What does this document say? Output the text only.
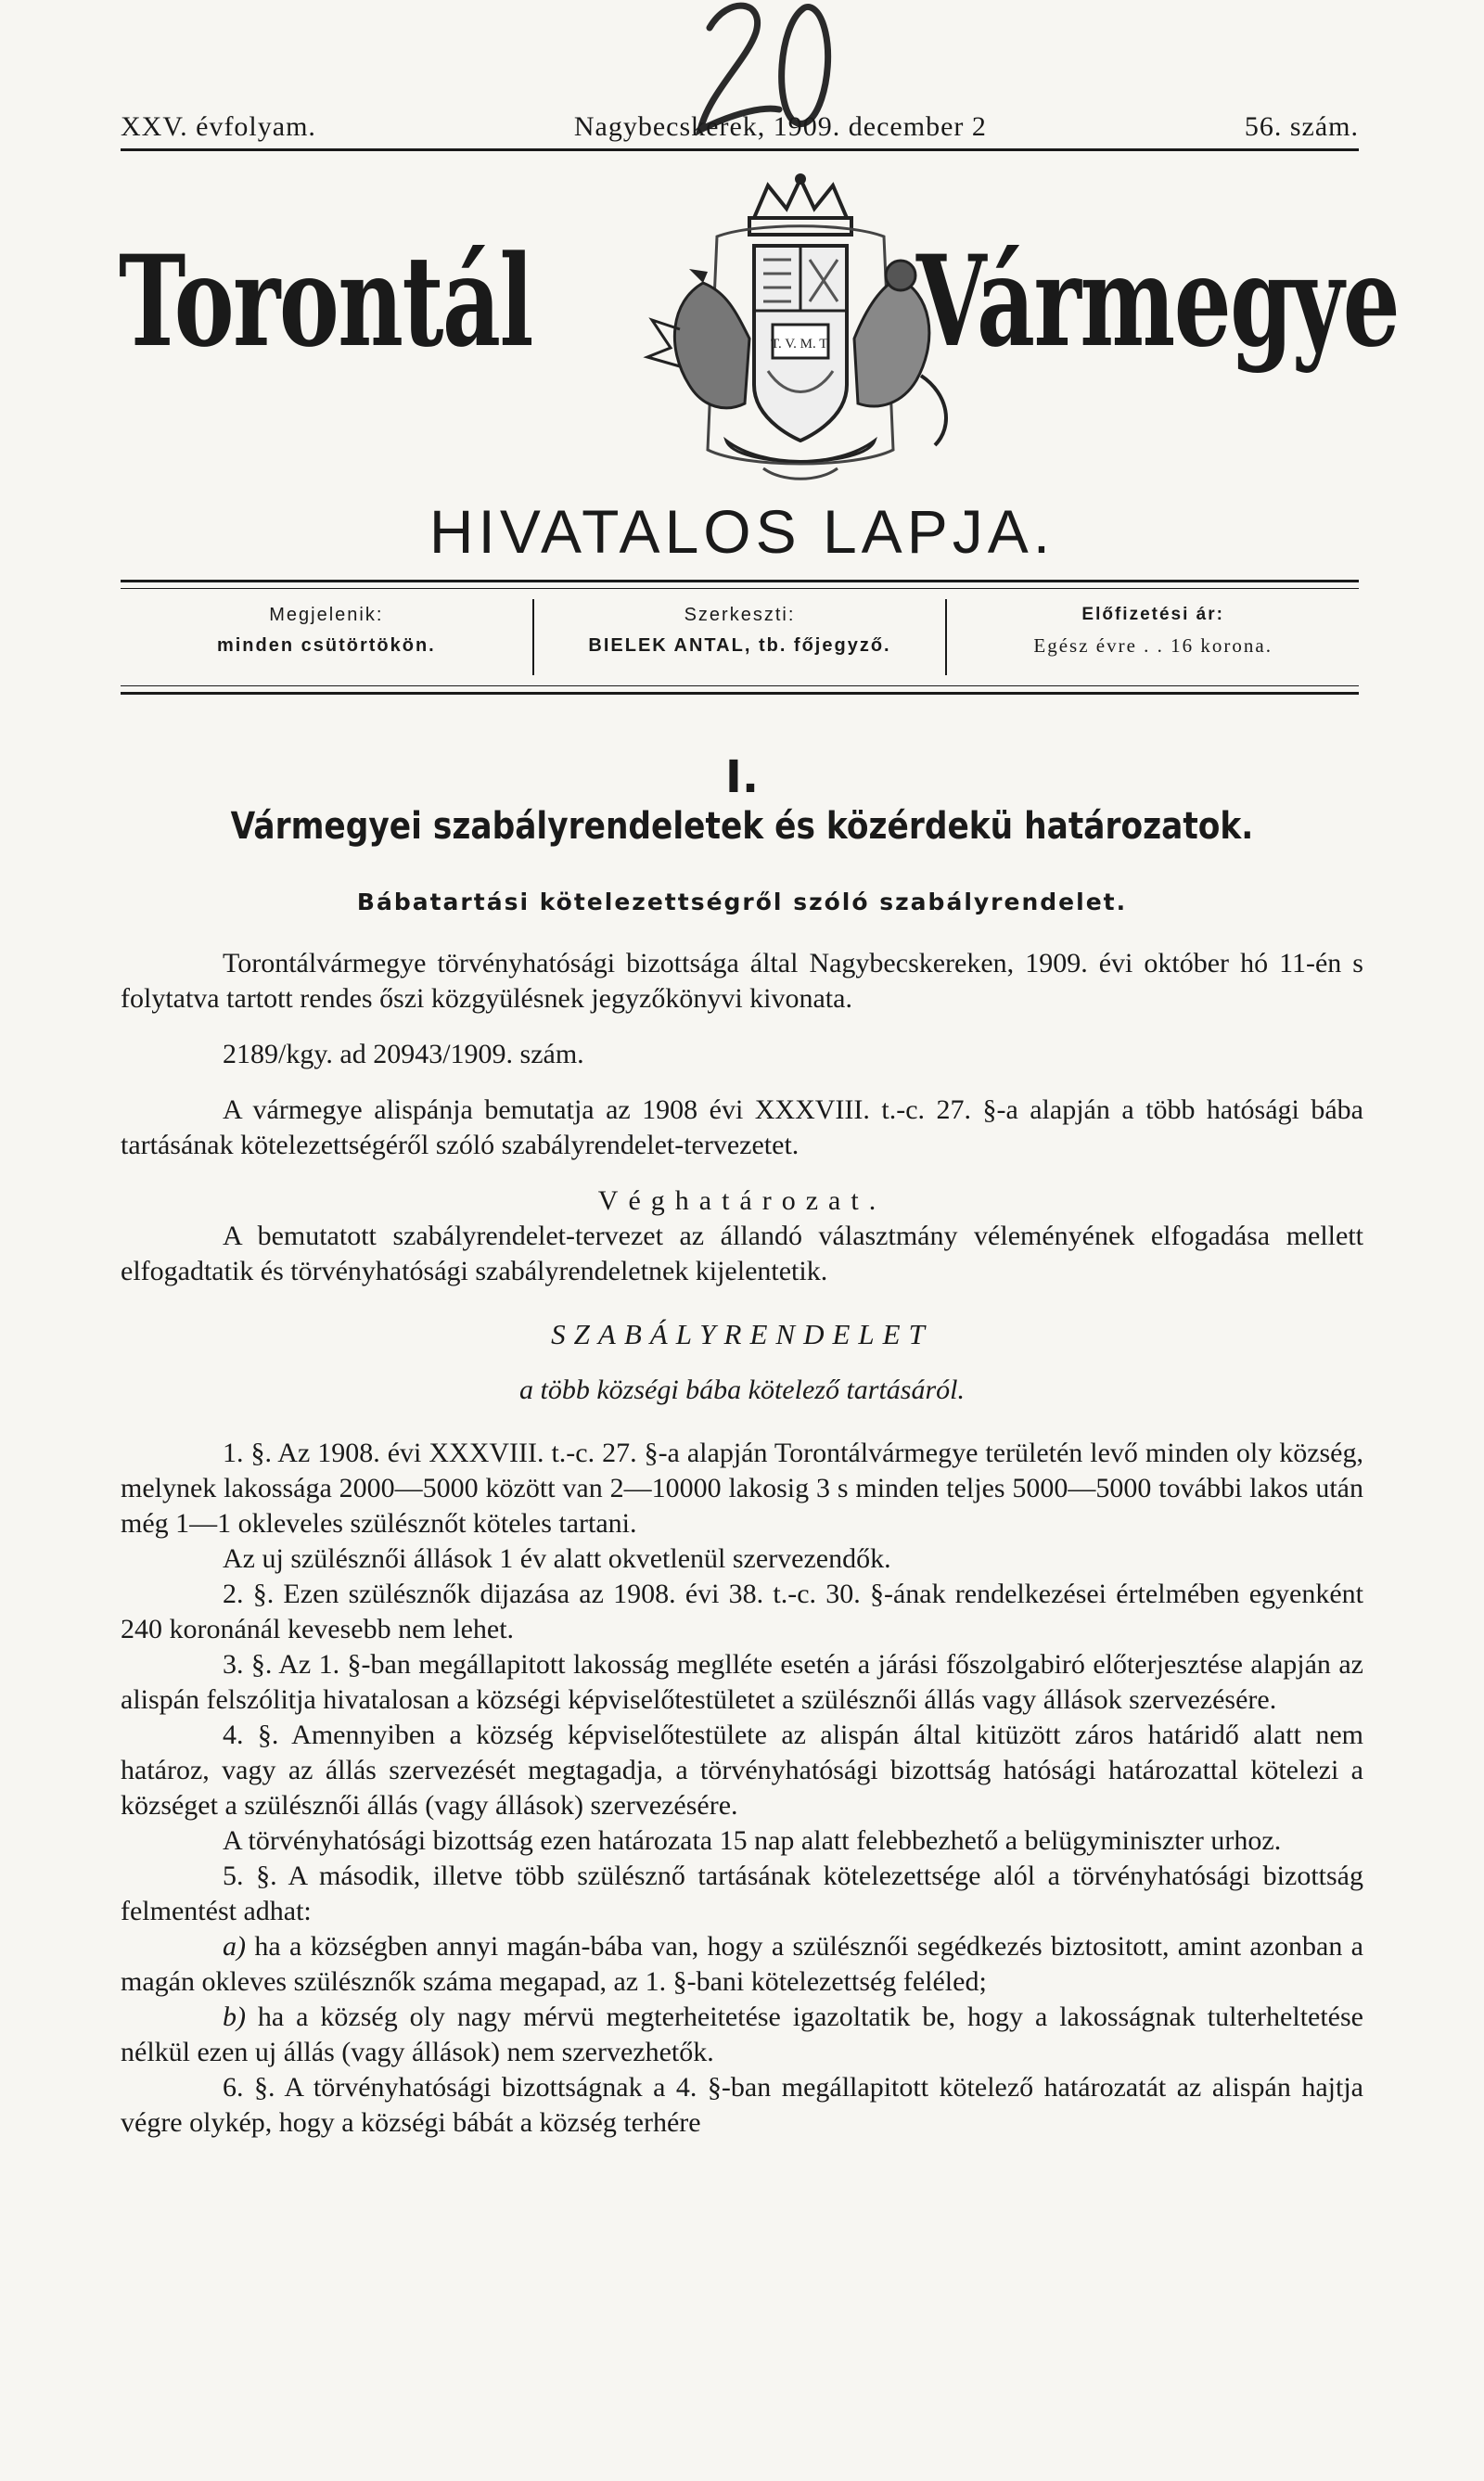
XXV. évfolyam.	Nagybecskerek, 1909. december 2	56. szám.
Torontál	T. V. M. T. Vármegye
HIVATALOS LAPJA.
Megjelenik:
minden csütörtökön.
Szerkeszti:
BIELEK ANTAL, tb. főjegyző.
Előfizetési ár:
Egész évre . . 16 korona.
I.
Vármegyei szabályrendeletek és közérdekü határozatok.
Bábatartási kötelezettségről szóló szabályrendelet.

Torontálvármegye törvényhatósági bizottsága által Nagybecskereken, 1909. évi október hó 11-én s folytatva tartott rendes őszi közgyülésnek jegyzőkönyvi kivonata.

2189/kgy. ad 20943/1909. szám.

A vármegye alispánja bemutatja az 1908 évi XXXVIII. t.-c. 27. §-a alapján a több hatósági bába tartásának kötelezettségéről szóló szabályrendelet-tervezetet.

Véghatározat.

A bemutatott szabályrendelet-tervezet az állandó választmány véleményének elfogadása mellett elfogadtatik és törvényhatósági szabályrendeletnek kijelentetik.

SZABÁLYRENDELET

a több községi bába kötelező tartásáról.

1. §. Az 1908. évi XXXVIII. t.-c. 27. §-a alapján Torontálvármegye területén levő minden oly község, melynek lakossága 2000—5000 között van 2—10000 lakosig 3 s minden teljes 5000—5000 további lakos után még 1—1 okleveles szülésznőt köteles tartani.

Az uj szülésznői állások 1 év alatt okvetlenül szervezendők.

2. §. Ezen szülésznők dijazása az 1908. évi 38. t.-c. 30. §-ának rendelkezései értelmében egyenként 240 koronánál kevesebb nem lehet.

3. §. Az 1. §-ban megállapitott lakosság meglléte esetén a járási főszolgabiró előterjesztése alapján az alispán felszólitja hivatalosan a községi képviselőtestületet a szülésznői állás vagy állások szervezésére.

4. §. Amennyiben a község képviselőtestülete az alispán által kitüzött záros határidő alatt nem határoz, vagy az állás szervezését megtagadja, a törvényhatósági bizottság hatósági határozattal kötelezi a községet a szülésznői állás (vagy állások) szervezésére.

A törvényhatósági bizottság ezen határozata 15 nap alatt felebbezhető a belügyminiszter urhoz.

5. §. A második, illetve több szülésznő tartásának kötelezettsége alól a törvényhatósági bizottság felmentést adhat:

a) ha a községben annyi magán-bába van, hogy a szülésznői segédkezés biztositott, amint azonban a magán okleves szülésznők száma megapad, az 1. §-bani kötelezettség feléled;

b) ha a község oly nagy mérvü megterheitetése igazoltatik be, hogy a lakosságnak tulterheltetése nélkül ezen uj állás (vagy állások) nem szervezhetők.

6. §. A törvényhatósági bizottságnak a 4. §-ban megállapitott kötelező határozatát az alispán hajtja végre olykép, hogy a községi bábát a község terhére
